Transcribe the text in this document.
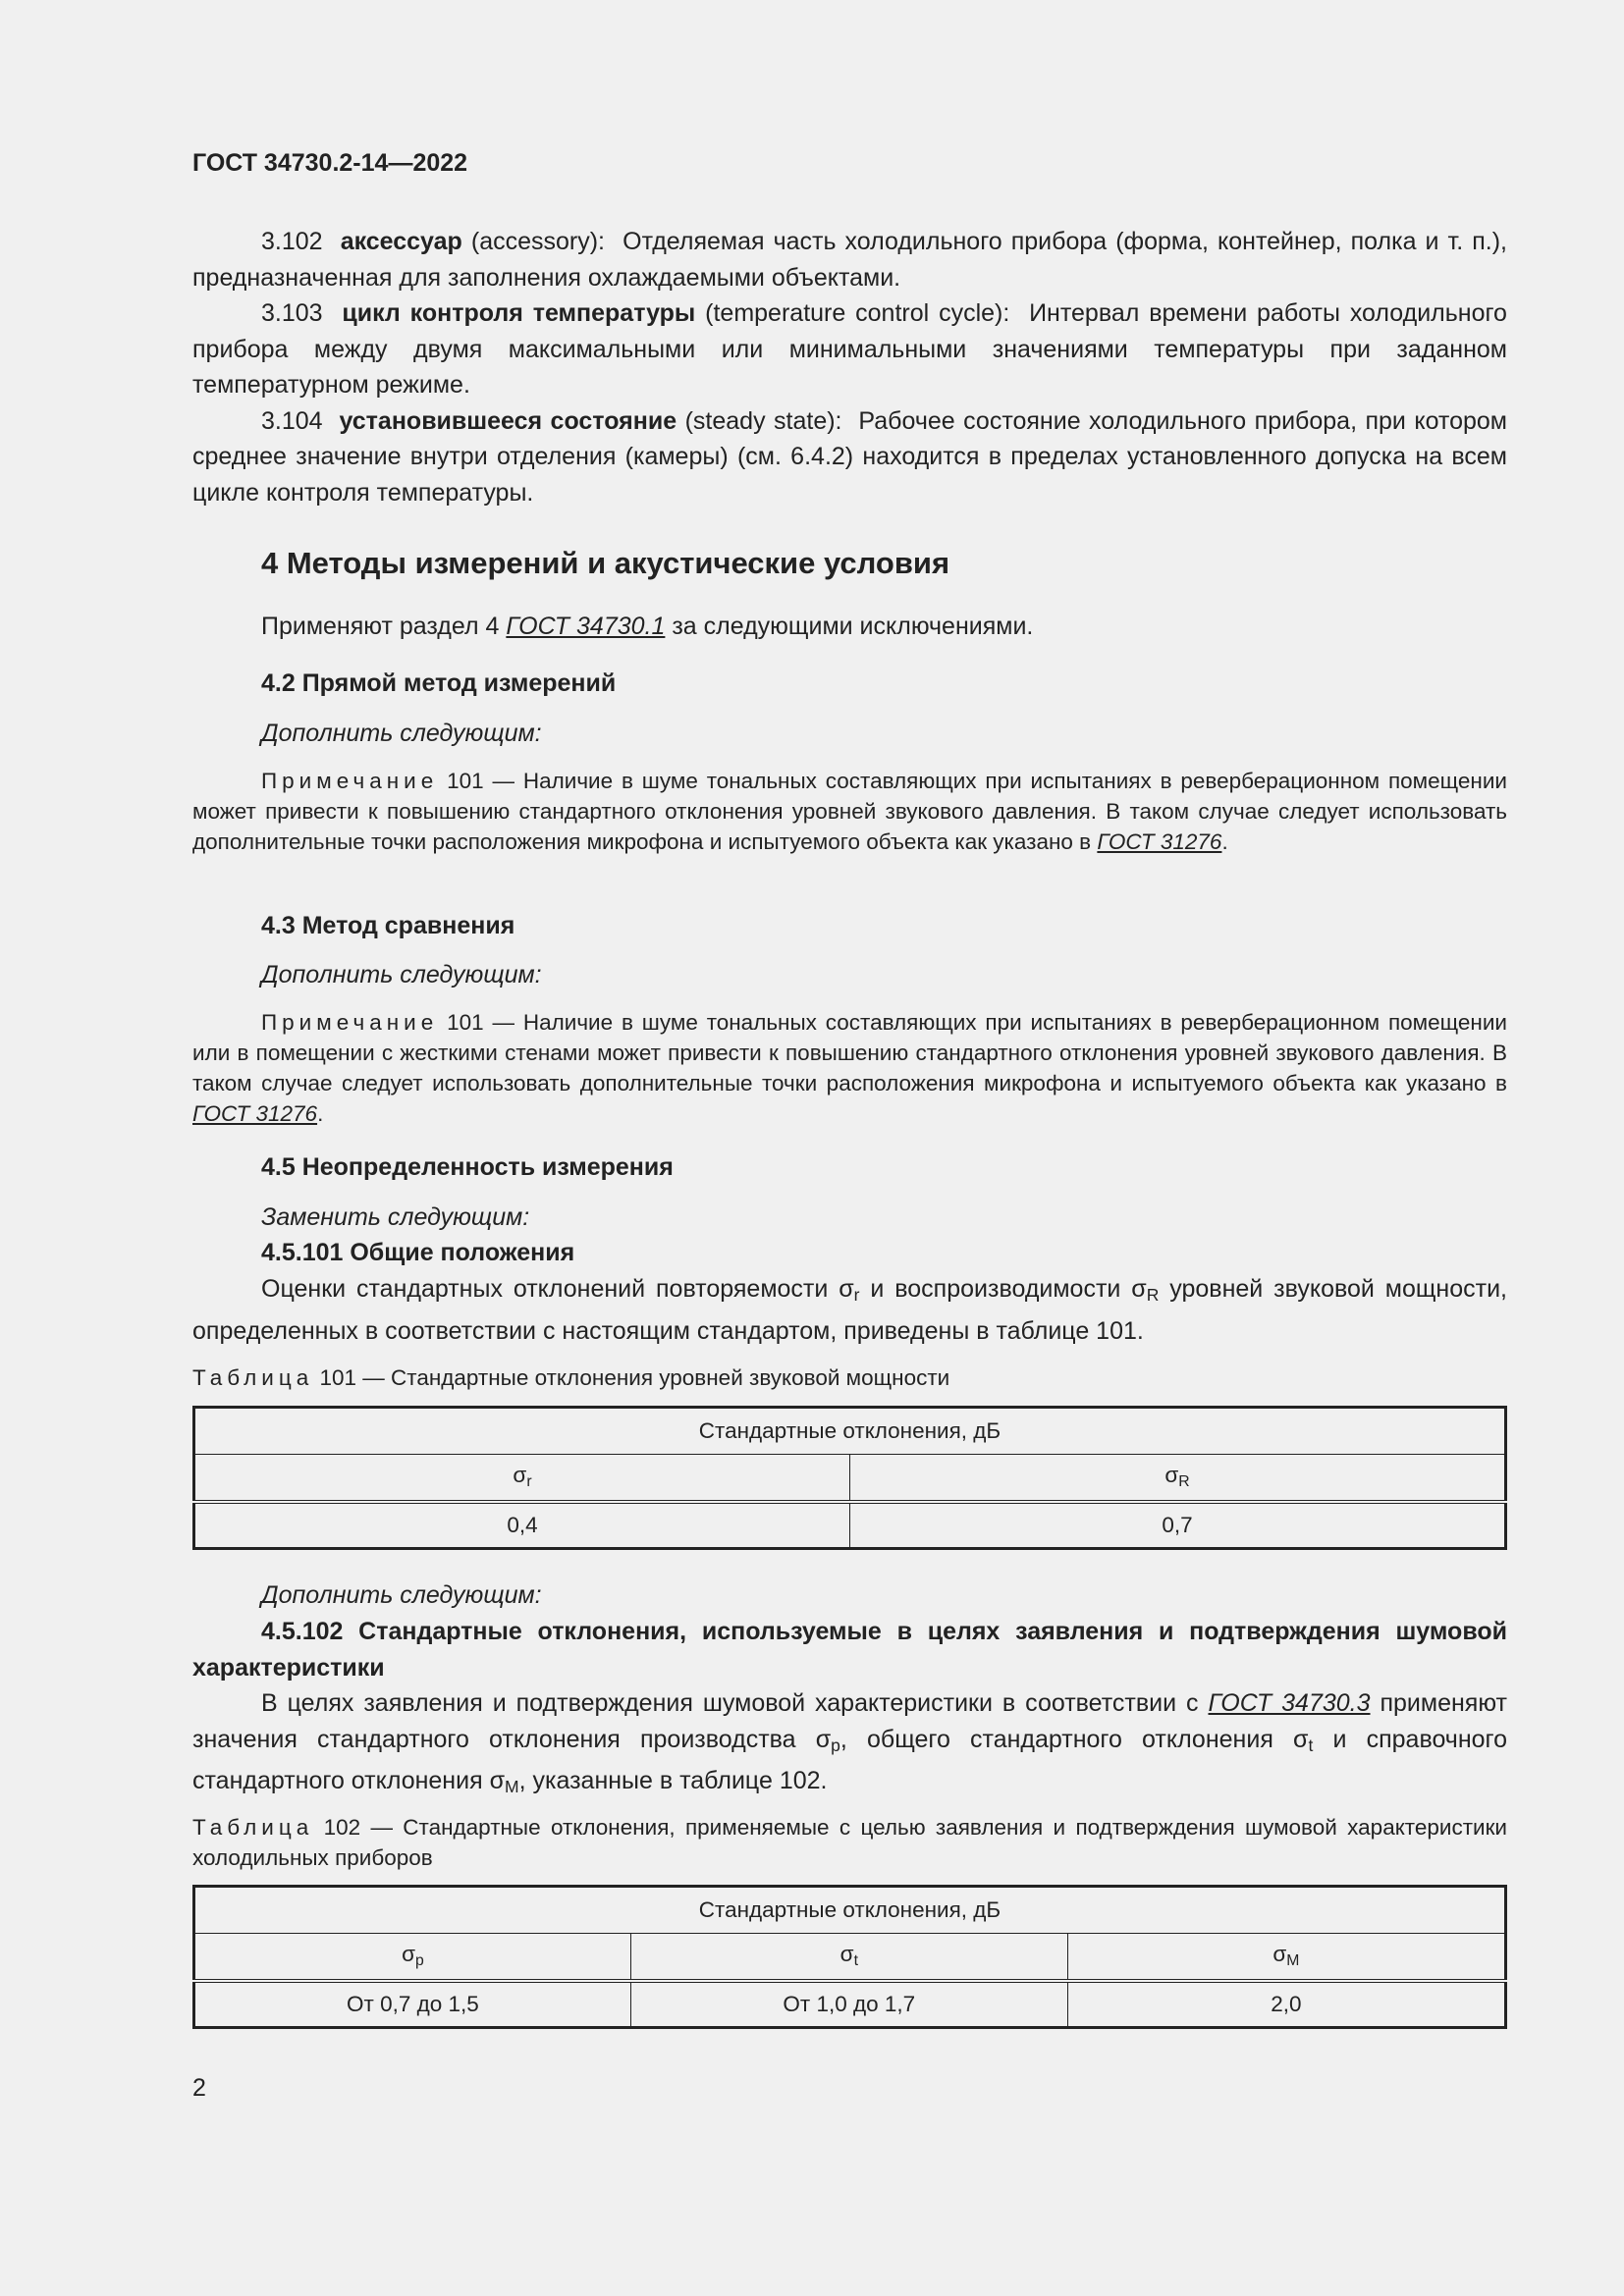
ГОСТ 34730.2-14—2022

3.102 аксессуар (accessory): Отделяемая часть холодильного прибора (форма, контейнер, полка и т. п.), предназначенная для заполнения охлаждаемыми объектами.

3.103 цикл контроля температуры (temperature control cycle): Интервал времени работы холодильного прибора между двумя максимальными или минимальными значениями температуры при заданном температурном режиме.

3.104 установившееся состояние (steady state): Рабочее состояние холодильного прибора, при котором среднее значение внутри отделения (камеры) (см. 6.4.2) находится в пределах установленного допуска на всем цикле контроля температуры.

4 Методы измерений и акустические условия
Применяют раздел 4 ГОСТ 34730.1 за следующими исключениями.
4.2 Прямой метод измерений
Дополнить следующим:
Примечание 101 — Наличие в шуме тональных составляющих при испытаниях в реверберационном помещении может привести к повышению стандартного отклонения уровней звукового давления. В таком случае следует использовать дополнительные точки расположения микрофона и испытуемого объекта как указано в ГОСТ 31276.
4.3 Метод сравнения
Дополнить следующим:
Примечание 101 — Наличие в шуме тональных составляющих при испытаниях в реверберационном помещении или в помещении с жесткими стенами может привести к повышению стандартного отклонения уровней звукового давления. В таком случае следует использовать дополнительные точки расположения микрофона и испытуемого объекта как указано в ГОСТ 31276.
4.5 Неопределенность измерения
Заменить следующим:
4.5.101 Общие положения
Оценки стандартных отклонений повторяемости $\sigma_r$ и воспроизводимости $\sigma_R$ уровней звуковой мощности, определенных в соответствии с настоящим стандартом, приведены в таблице 101.
Таблица 101 — Стандартные отклонения уровней звуковой мощности
Стандартные отклонения, дБ	
$\sigma_r$	$\sigma_R$
0,4	0,7
Дополнить следующим:
4.5.102 Стандартные отклонения, используемые в целях заявления и подтверждения шумовой характеристики
В целях заявления и подтверждения шумовой характеристики в соответствии с ГОСТ 34730.3 применяют значения стандартного отклонения производства $\sigma_p$, общего стандартного отклонения $\sigma_t$ и справочного стандартного отклонения $\sigma_M$, указанные в таблице 102.
Таблица 102 — Стандартные отклонения, применяемые с целью заявления и подтверждения шумовой характеристики холодильных приборов
Стандартные отклонения, дБ		
$\sigma_p$	$\sigma_t$	$\sigma_M$
От 0,7 до 1,5	От 1,0 до 1,7	2,0
2
